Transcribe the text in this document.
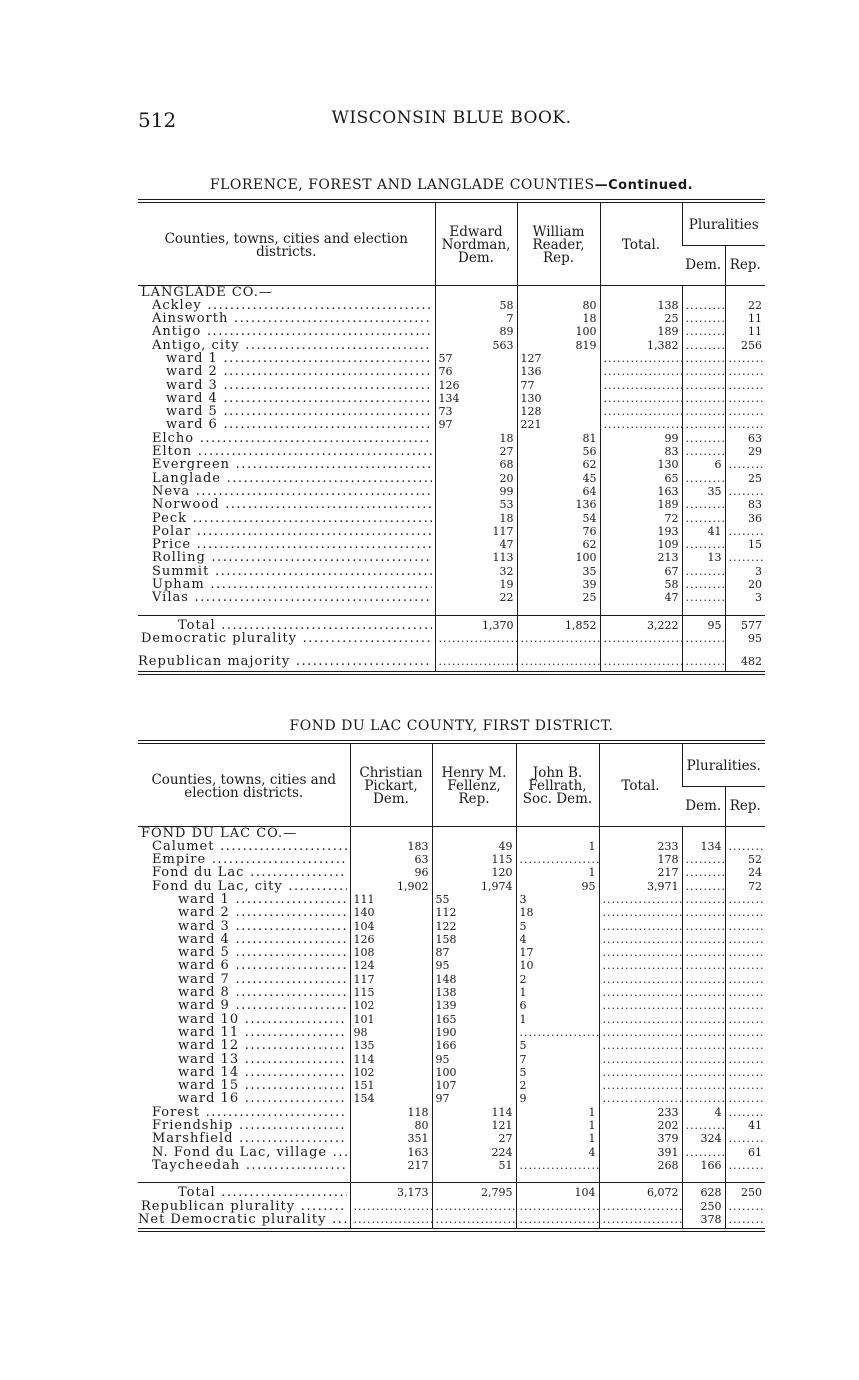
512	WISCONSIN BLUE BOOK.
FLORENCE, FOREST AND LANGLADE COUNTIES—Continued.
Counties, towns, cities and election districts.	Edward Nordman, Dem.	William Reader, Rep.	Total.	Pluralities	
				Dem.	Rep.
LANGLADE CO.—					

Ackley .....	58	80	138	.....	22

Ainsworth .....	7	18	25	.....	11

Antigo .....	89	100	189	.....	11

Antigo, city .....	563	819	1,382	.....	256

ward 1 .....	57	127	.....	.....	.....

ward 2 .....	76	136	.....	.....	.....

ward 3 .....	126	77	.....	.....	.....

ward 4 .....	134	130	.....	.....	.....

ward 5 .....	73	128	.....	.....	.....

ward 6 .....	97	221	.....	.....	.....

Elcho .....	18	81	99	.....	63

Elton .....	27	56	83	.....	29

Evergreen .....	68	62	130	6	.....

Langlade .....	20	45	65	.....	25

Neva .....	99	64	163	35	.....

Norwood .....	53	136	189	.....	83

Peck .....	18	54	72	.....	36

Polar .....	117	76	193	41	.....

Price .....	47	62	109	.....	15

Rolling .....	113	100	213	13	.....

Summit .....	32	35	67	.....	3

Upham .....	19	39	58	.....	20

Vilas .....	22	25	47	.....	3

Total .....	1,370	1,852	3,222	95	577

Democratic plurality .....
	.....	.....	.....	.....	95

Republican majority .....
	.....	.....	.....	.....	482
FOND DU LAC COUNTY, FIRST DISTRICT.
Counties, towns, cities and election districts.	Christian Pickart, Dem.	Henry M. Fellenz, Rep.	John B. Fellrath, Soc. Dem.	Total.	Pluralities.	
					Dem.	Rep.
FOND DU LAC CO.—						

Calumet .....	183	49	1	233	134	.....

Empire .....	63	115	.....	178	.....	52

Fond du Lac .....	96	120	1	217	.....	24

Fond du Lac, city .....	1,902	1,974	95	3,971	.....	72

ward 1 .....	111	55	3	.....	.....	.....

ward 2 .....	140	112	18	.....	.....	.....

ward 3 .....	104	122	5	.....	.....	.....

ward 4 .....	126	158	4	.....	.....	.....

ward 5 .....	108	87	17	.....	.....	.....

ward 6 .....	124	95	10	.....	.....	.....

ward 7 .....	117	148	2	.....	.....	.....

ward 8 .....	115	138	1	.....	.....	.....

ward 9 .....	102	139	6	.....	.....	.....

ward 10 .....	101	165	1	.....	.....	.....

ward 11 .....	98	190	.....	.....	.....	.....

ward 12 .....	135	166	5	.....	.....	.....

ward 13 .....	114	95	7	.....	.....	.....

ward 14 .....	102	100	5	.....	.....	.....

ward 15 .....	151	107	2	.....	.....	.....

ward 16 .....	154	97	9	.....	.....	.....

Forest .....	118	114	1	233	4	.....

Friendship .....	80	121	1	202	.....	41

Marshfield .....	351	27	1	379	324	.....

N. Fond du Lac, village .....	163	224	4	391	.....	61

Taycheedah .....	217	51	.....	268	166	.....

Total .....	3,173	2,795	104	6,072	628	250

Republican plurality .....
	.....	.....	.....	.....	250	.....

Net Democratic plurality .....
	.....	.....	.....	.....	378	.....
